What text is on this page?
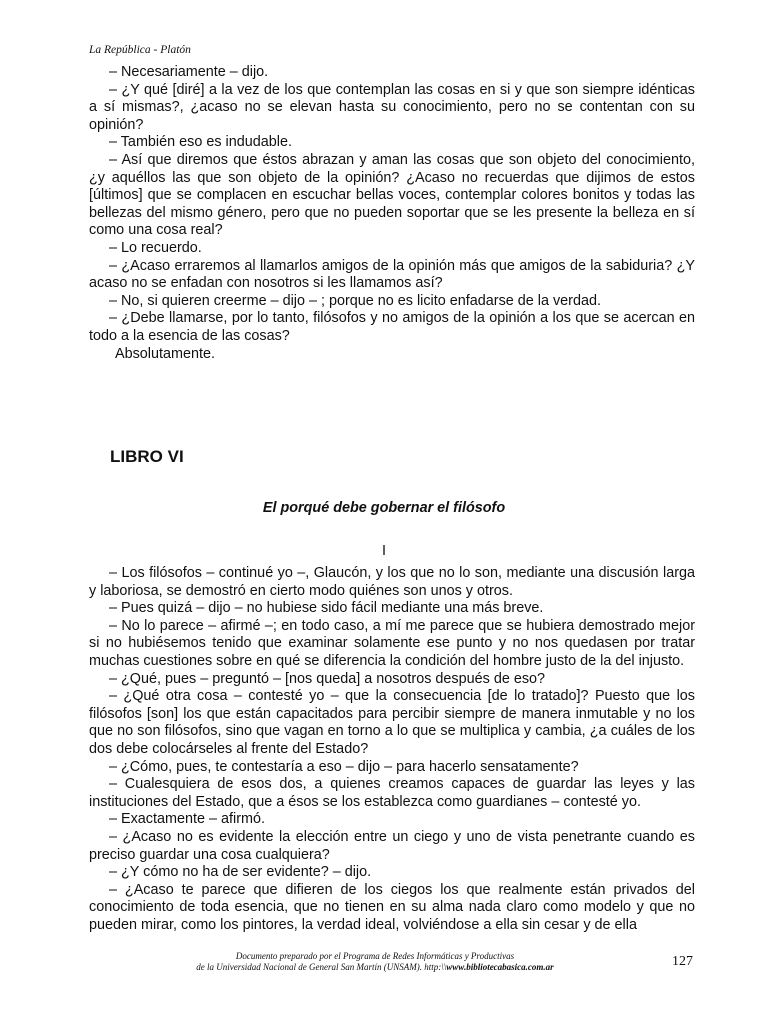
La República - Platón

– Necesariamente – dijo.

– ¿Y qué [diré] a la vez de los que contemplan las cosas en si y que son siempre idénticas a sí mismas?, ¿acaso no se elevan hasta su conocimiento, pero no se contentan con su opinión?

– También eso es indudable.

– Así que diremos que éstos abrazan y aman las cosas que son objeto del conocimiento, ¿y aquéllos las que son objeto de la opinión? ¿Acaso no recuerdas que dijimos de estos [últimos] que se complacen en escuchar bellas voces, contemplar colores bonitos y todas las bellezas del mismo género, pero que no pueden soportar que se les presente la belleza en sí como una cosa real?

– Lo recuerdo.

– ¿Acaso erraremos al llamarlos amigos de la opinión más que amigos de la sabiduria? ¿Y acaso no se enfadan con nosotros si les llamamos así?

– No, si quieren creerme – dijo – ; porque no es licito enfadarse de la verdad.

– ¿Debe llamarse, por lo tanto, filósofos y no amigos de la opinión a los que se acercan en todo a la esencia de las cosas?

Absolutamente.

LIBRO VI
El porqué debe gobernar el filósofo
I

– Los filósofos – continué yo –, Glaucón, y los que no lo son, mediante una discusión larga y laboriosa, se demostró en cierto modo quiénes son unos y otros.

– Pues quizá – dijo – no hubiese sido fácil mediante una más breve.

– No lo parece – afirmé –; en todo caso, a mí me parece que se hubiera demostrado mejor si no hubiésemos tenido que examinar solamente ese punto y no nos quedasen por tratar muchas cuestiones sobre en qué se diferencia la condición del hombre justo de la del injusto.

– ¿Qué, pues – preguntó – [nos queda] a nosotros después de eso?

– ¿Qué otra cosa – contesté yo – que la consecuencia [de lo tratado]? Puesto que los filósofos [son] los que están capacitados para percibir siempre de manera inmutable y no los que no son filósofos, sino que vagan en torno a lo que se multiplica y cambia, ¿a cuáles de los dos debe colocárseles al frente del Estado?

– ¿Cómo, pues, te contestaría a eso – dijo – para hacerlo sensatamente?

– Cualesquiera de esos dos, a quienes creamos capaces de guardar las leyes y las instituciones del Estado, que a ésos se los establezca como guardianes – contesté yo.

– Exactamente – afirmó.

– ¿Acaso no es evidente la elección entre un ciego y uno de vista penetrante cuando es preciso guardar una cosa cualquiera?

– ¿Y cómo no ha de ser evidente? – dijo.

– ¿Acaso te parece que difieren de los ciegos los que realmente están privados del conocimiento de toda esencia, que no tienen en su alma nada claro como modelo y que no pueden mirar, como los pintores, la verdad ideal, volviéndose a ella sin cesar y de ella

Documento preparado por el Programa de Redes Informáticas y Productivas
de la Universidad Nacional de General San Martín (UNSAM). http:\\www.bibliotecabasica.com.ar	127
